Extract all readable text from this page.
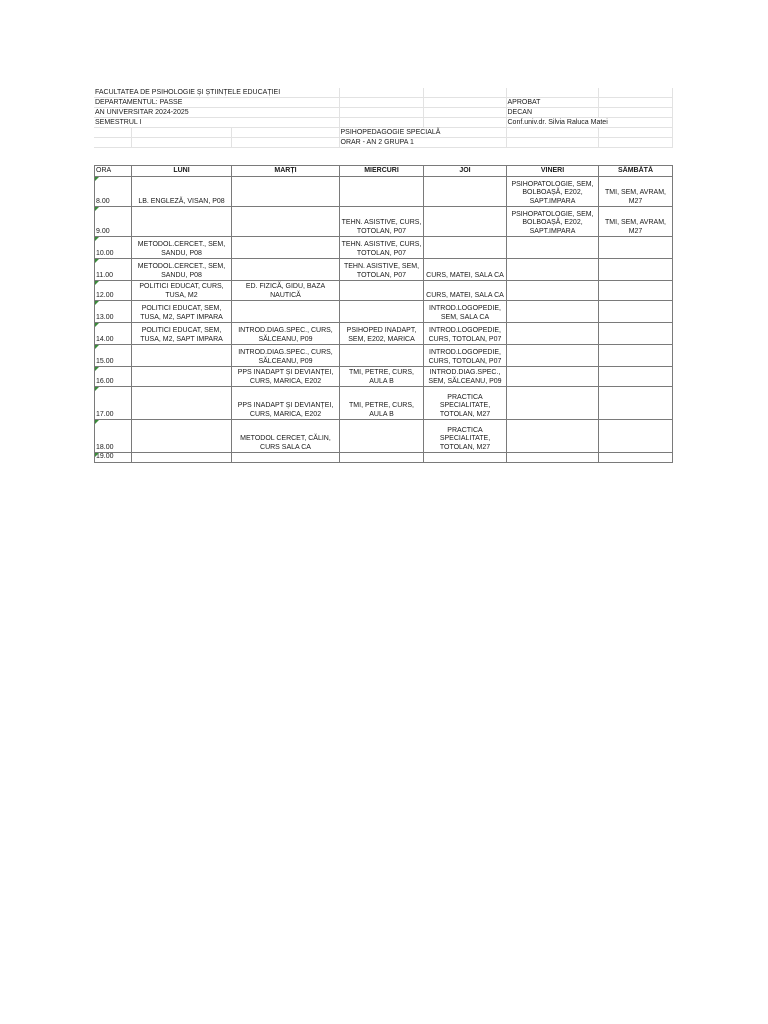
FACULTATEA DE PSIHOLOGIE ȘI ȘTIINȚELE EDUCAȚIEI						
DEPARTAMENTUL: PASSE					APROBAT	
AN UNIVERSITAR 2024-2025					DECAN	
SEMESTRUL I					Conf.univ.dr. Silvia Raluca Matei	
			PSIHOPEDAGOGIE SPECIALĂ			
			ORAR - AN 2 GRUPA 1			
ORA	LUNI	MARȚI	MIERCURI	JOI	VINERI	SÂMBĂTĂ
8.00	LB. ENGLEZĂ, VISAN, P08				PSIHOPATOLOGIE, SEM, BOLBOAȘĂ, E202, SAPT.IMPARA	TMI, SEM, AVRAM, M27
9.00			TEHN. ASISTIVE, CURS, TOTOLAN, P07		PSIHOPATOLOGIE, SEM, BOLBOAȘĂ, E202, SAPT.IMPARA	TMI, SEM, AVRAM, M27
10.00	METODOL.CERCET., SEM, SANDU, P08		TEHN. ASISTIVE, CURS, TOTOLAN, P07			
11.00	METODOL.CERCET., SEM, SANDU, P08		TEHN. ASISTIVE, SEM, TOTOLAN, P07	CURS, MATEI, SALA CA		
12.00	POLITICI EDUCAT, CURS, TUSA, M2	ED. FIZICĂ, GIDU, BAZA NAUTICĂ		CURS, MATEI, SALA CA		
13.00	POLITICI EDUCAT, SEM, TUSA, M2, SAPT IMPARA			INTROD.LOGOPEDIE, SEM, SALA CA		
14.00	POLITICI EDUCAT, SEM, TUSA, M2, SAPT IMPARA	INTROD.DIAG.SPEC., CURS, SĂLCEANU, P09	PSIHOPED INADAPT, SEM, E202, MARICA	INTROD.LOGOPEDIE, CURS, TOTOLAN, P07		
15.00		INTROD.DIAG.SPEC., CURS, SĂLCEANU, P09		INTROD.LOGOPEDIE, CURS, TOTOLAN, P07		
16.00		PPS INADAPT ȘI DEVIANȚEI, CURS, MARICA, E202	TMI, PETRE, CURS, AULA B	INTROD.DIAG.SPEC., SEM, SĂLCEANU, P09		
17.00		PPS INADAPT ȘI DEVIANȚEI, CURS, MARICA, E202	TMI, PETRE, CURS, AULA B	PRACTICA SPECIALITATE, TOTOLAN, M27		
18.00		METODOL CERCET, CĂLIN, CURS SALA CA		PRACTICA SPECIALITATE, TOTOLAN, M27		
19.00						
